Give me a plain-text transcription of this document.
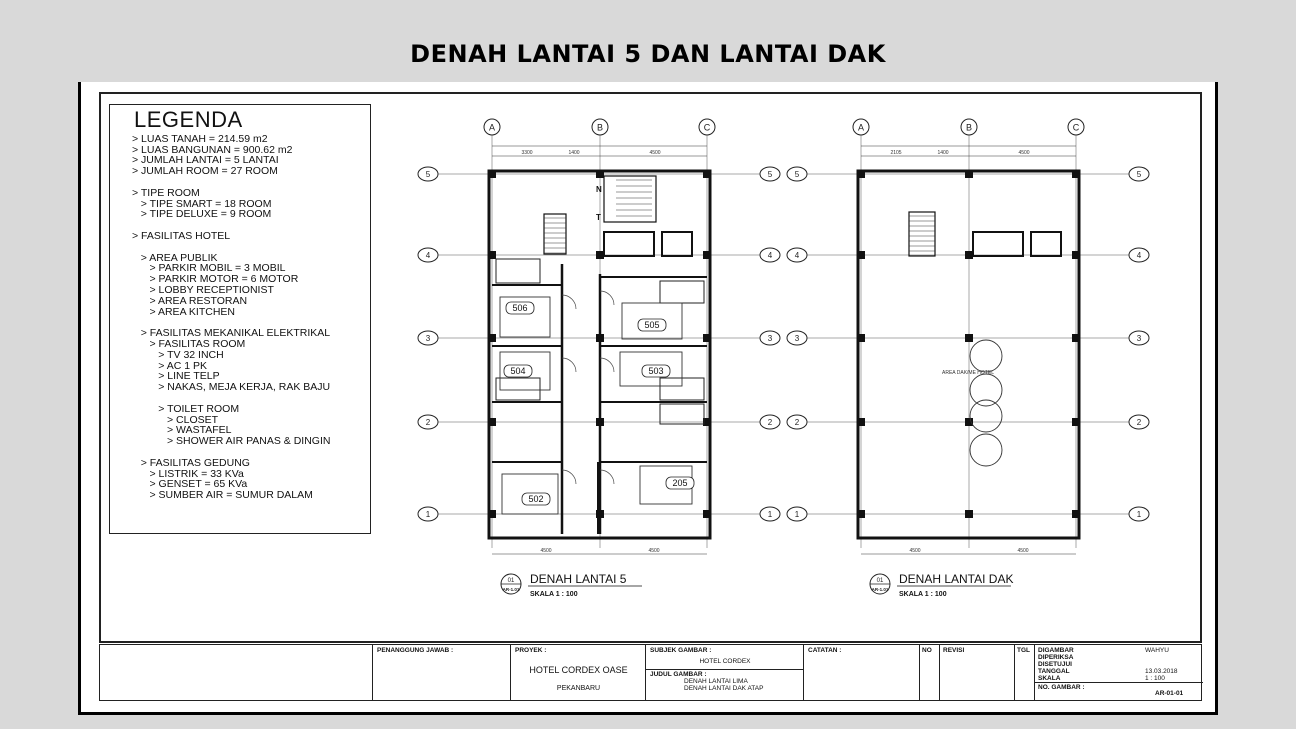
DENAH LANTAI 5 DAN LANTAI DAK
LEGENDA
> LUAS TANAH = 214.59 m2
> LUAS BANGUNAN = 900.62 m2
> JUMLAH LANTAI = 5 LANTAI
> JUMLAH ROOM = 27 ROOM
> TIPE ROOM
> TIPE SMART = 18 ROOM
> TIPE DELUXE = 9 ROOM
> FASILITAS HOTEL
> AREA PUBLIK
> PARKIR MOBIL = 3 MOBIL
> PARKIR MOTOR = 6 MOTOR
> LOBBY RECEPTIONIST
> AREA RESTORAN
> AREA KITCHEN
> FASILITAS MEKANIKAL ELEKTRIKAL
> FASILITAS ROOM
> TV 32 INCH
> AC 1 PK
> LINE TELP
> NAKAS, MEJA KERJA, RAK BAJU
> TOILET ROOM
> CLOSET
> WASTAFEL
> SHOWER AIR PANAS & DINGIN
> FASILITAS GEDUNG
> LISTRIK = 33 KVa
> GENSET = 65 KVa
> SUMBER AIR = SUMUR DALAM
A	B	C
5	5
4	4
3	3
2	2
1	1
3300	1400	4500
4500	4500
N
T
506
505
504	503
502
205
01
AR-1.01
DENAH LANTAI 5
SKALA 1 : 100
A	B	C
5	5
4	4
3	3
2	2
1	1
2105	1400	4500
4500	4500
AREA DAK/ME HOTEL
01
AR-1.01
DENAH LANTAI DAK
SKALA 1 : 100
PENANGGUNG JAWAB :	PROYEK :
HOTEL CORDEX OASE
PEKANBARU
SUBJEK GAMBAR :
HOTEL CORDEX
JUDUL GAMBAR :
DENAH LANTAI LIMA
DENAH LANTAI DAK ATAP
CATATAN :	NO REVISI	TGL DIGAMBAR	WAHYU
DIPERIKSA
DISETUJUI
TANGGAL	13.03.2018
SKALA	1 : 100
NO. GAMBAR :
AR-01-01
